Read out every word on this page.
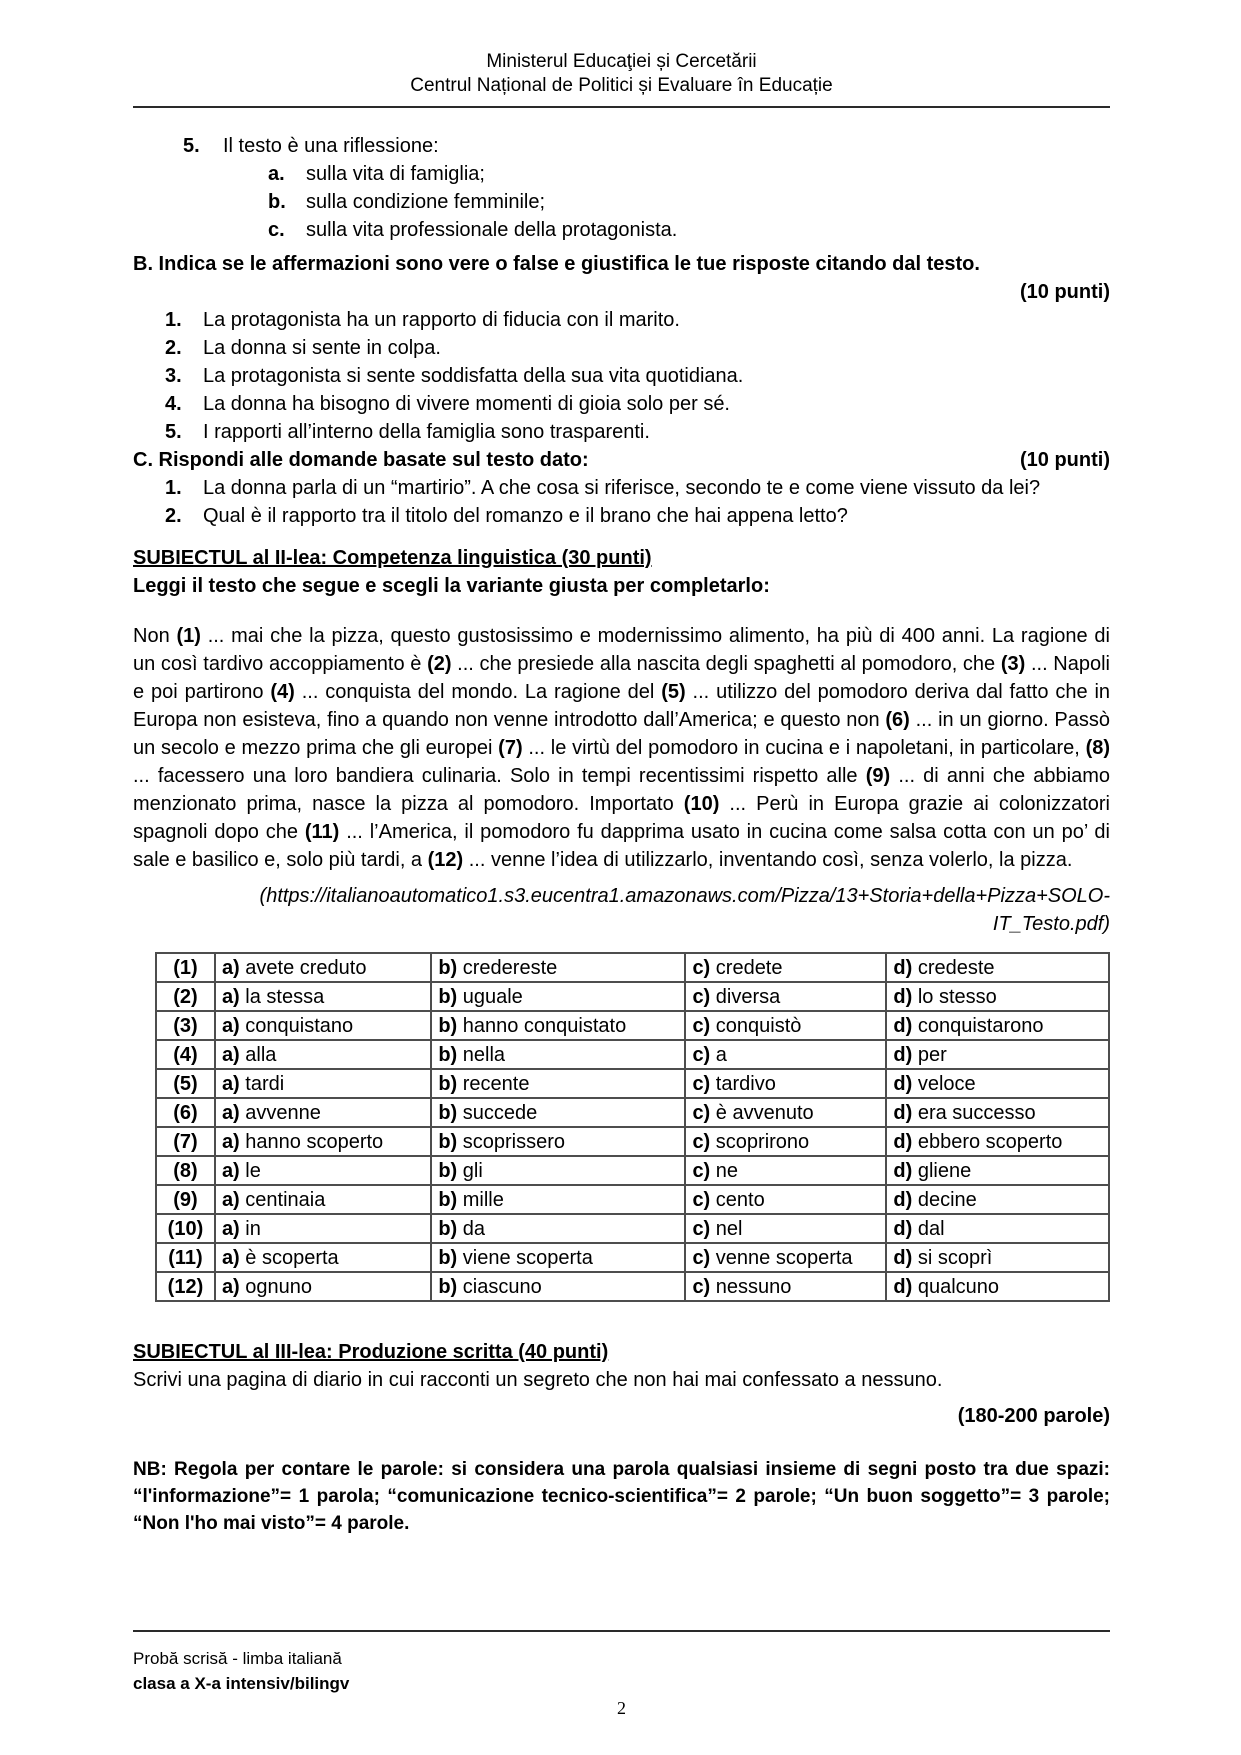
Ministerul Educaţiei și Cercetării
Centrul Național de Politici și Evaluare în Educație
5.	Il testo è una riflessione:
a.	sulla vita di famiglia;
b.	sulla condizione femminile;
c.	sulla vita professionale della protagonista.
B. Indica se le affermazioni sono vere o false e giustifica le tue risposte citando dal testo.
(10 punti)
1.	La protagonista ha un rapporto di fiducia con il marito.
2.	La donna si sente in colpa.
3.	La protagonista si sente soddisfatta della sua vita quotidiana.
4.	La donna ha bisogno di vivere momenti di gioia solo per sé.
5.	I rapporti all’interno della famiglia sono trasparenti.
C. Rispondi alle domande basate sul testo dato:	(10 punti)
1.	La donna parla di un “martirio”. A che cosa si riferisce, secondo te e come viene vissuto da lei?
2.	Qual è il rapporto tra il titolo del romanzo e il brano che hai appena letto?
SUBIECTUL al II-lea: Competenza linguistica (30 punti)
Leggi il testo che segue e scegli la variante giusta per completarlo:
Non (1) ... mai che la pizza, questo gustosissimo e modernissimo alimento, ha più di 400 anni. La ragione di un così tardivo accoppiamento è (2) ... che presiede alla nascita degli spaghetti al pomodoro, che (3) ... Napoli e poi partirono (4) ... conquista del mondo. La ragione del (5) ... utilizzo del pomodoro deriva dal fatto che in Europa non esisteva, fino a quando non venne introdotto dall’America; e questo non (6) ... in un giorno. Passò un secolo e mezzo prima che gli europei (7) ... le virtù del pomodoro in cucina e i napoletani, in particolare, (8) ... facessero una loro bandiera culinaria. Solo in tempi recentissimi rispetto alle (9) ... di anni che abbiamo menzionato prima, nasce la pizza al pomodoro. Importato (10) ... Perù in Europa grazie ai colonizzatori spagnoli dopo che (11) ... l’America, il pomodoro fu dapprima usato in cucina come salsa cotta con un po’ di sale e basilico e, solo più tardi, a (12) ... venne l’idea di utilizzarlo, inventando così, senza volerlo, la pizza.
(https://italianoautomatico1.s3.eucentra1.amazonaws.com/Pizza/13+Storia+della+Pizza+SOLO-
IT_Testo.pdf)
(1)	a) avete creduto	b) credereste	c) credete	d) credeste
(2)	a) la stessa	b) uguale	c) diversa	d) lo stesso
(3)	a) conquistano	b) hanno conquistato	c) conquistò	d) conquistarono
(4)	a) alla	b) nella	c) a	d) per
(5)	a) tardi	b) recente	c) tardivo	d) veloce
(6)	a) avvenne	b) succede	c) è avvenuto	d) era successo
(7)	a) hanno scoperto	b) scoprissero	c) scoprirono	d) ebbero scoperto
(8)	a) le	b) gli	c) ne	d) gliene
(9)	a) centinaia	b) mille	c) cento	d) decine
(10)	a) in	b) da	c) nel	d) dal
(11)	a) è scoperta	b) viene scoperta	c) venne scoperta	d) si scoprì
(12)	a) ognuno	b) ciascuno	c) nessuno	d) qualcuno
SUBIECTUL al III-lea: Produzione scritta (40 punti)
Scrivi una pagina di diario in cui racconti un segreto che non hai mai confessato a nessuno.
(180-200 parole)
NB: Regola per contare le parole: si considera una parola qualsiasi insieme di segni posto tra due spazi: “l'informazione”= 1 parola; “comunicazione tecnico-scientifica”= 2 parole; “Un buon soggetto”= 3 parole; “Non l'ho mai visto”= 4 parole.
Probă scrisă - limba italiană
clasa a X-a intensiv/bilingv
2
